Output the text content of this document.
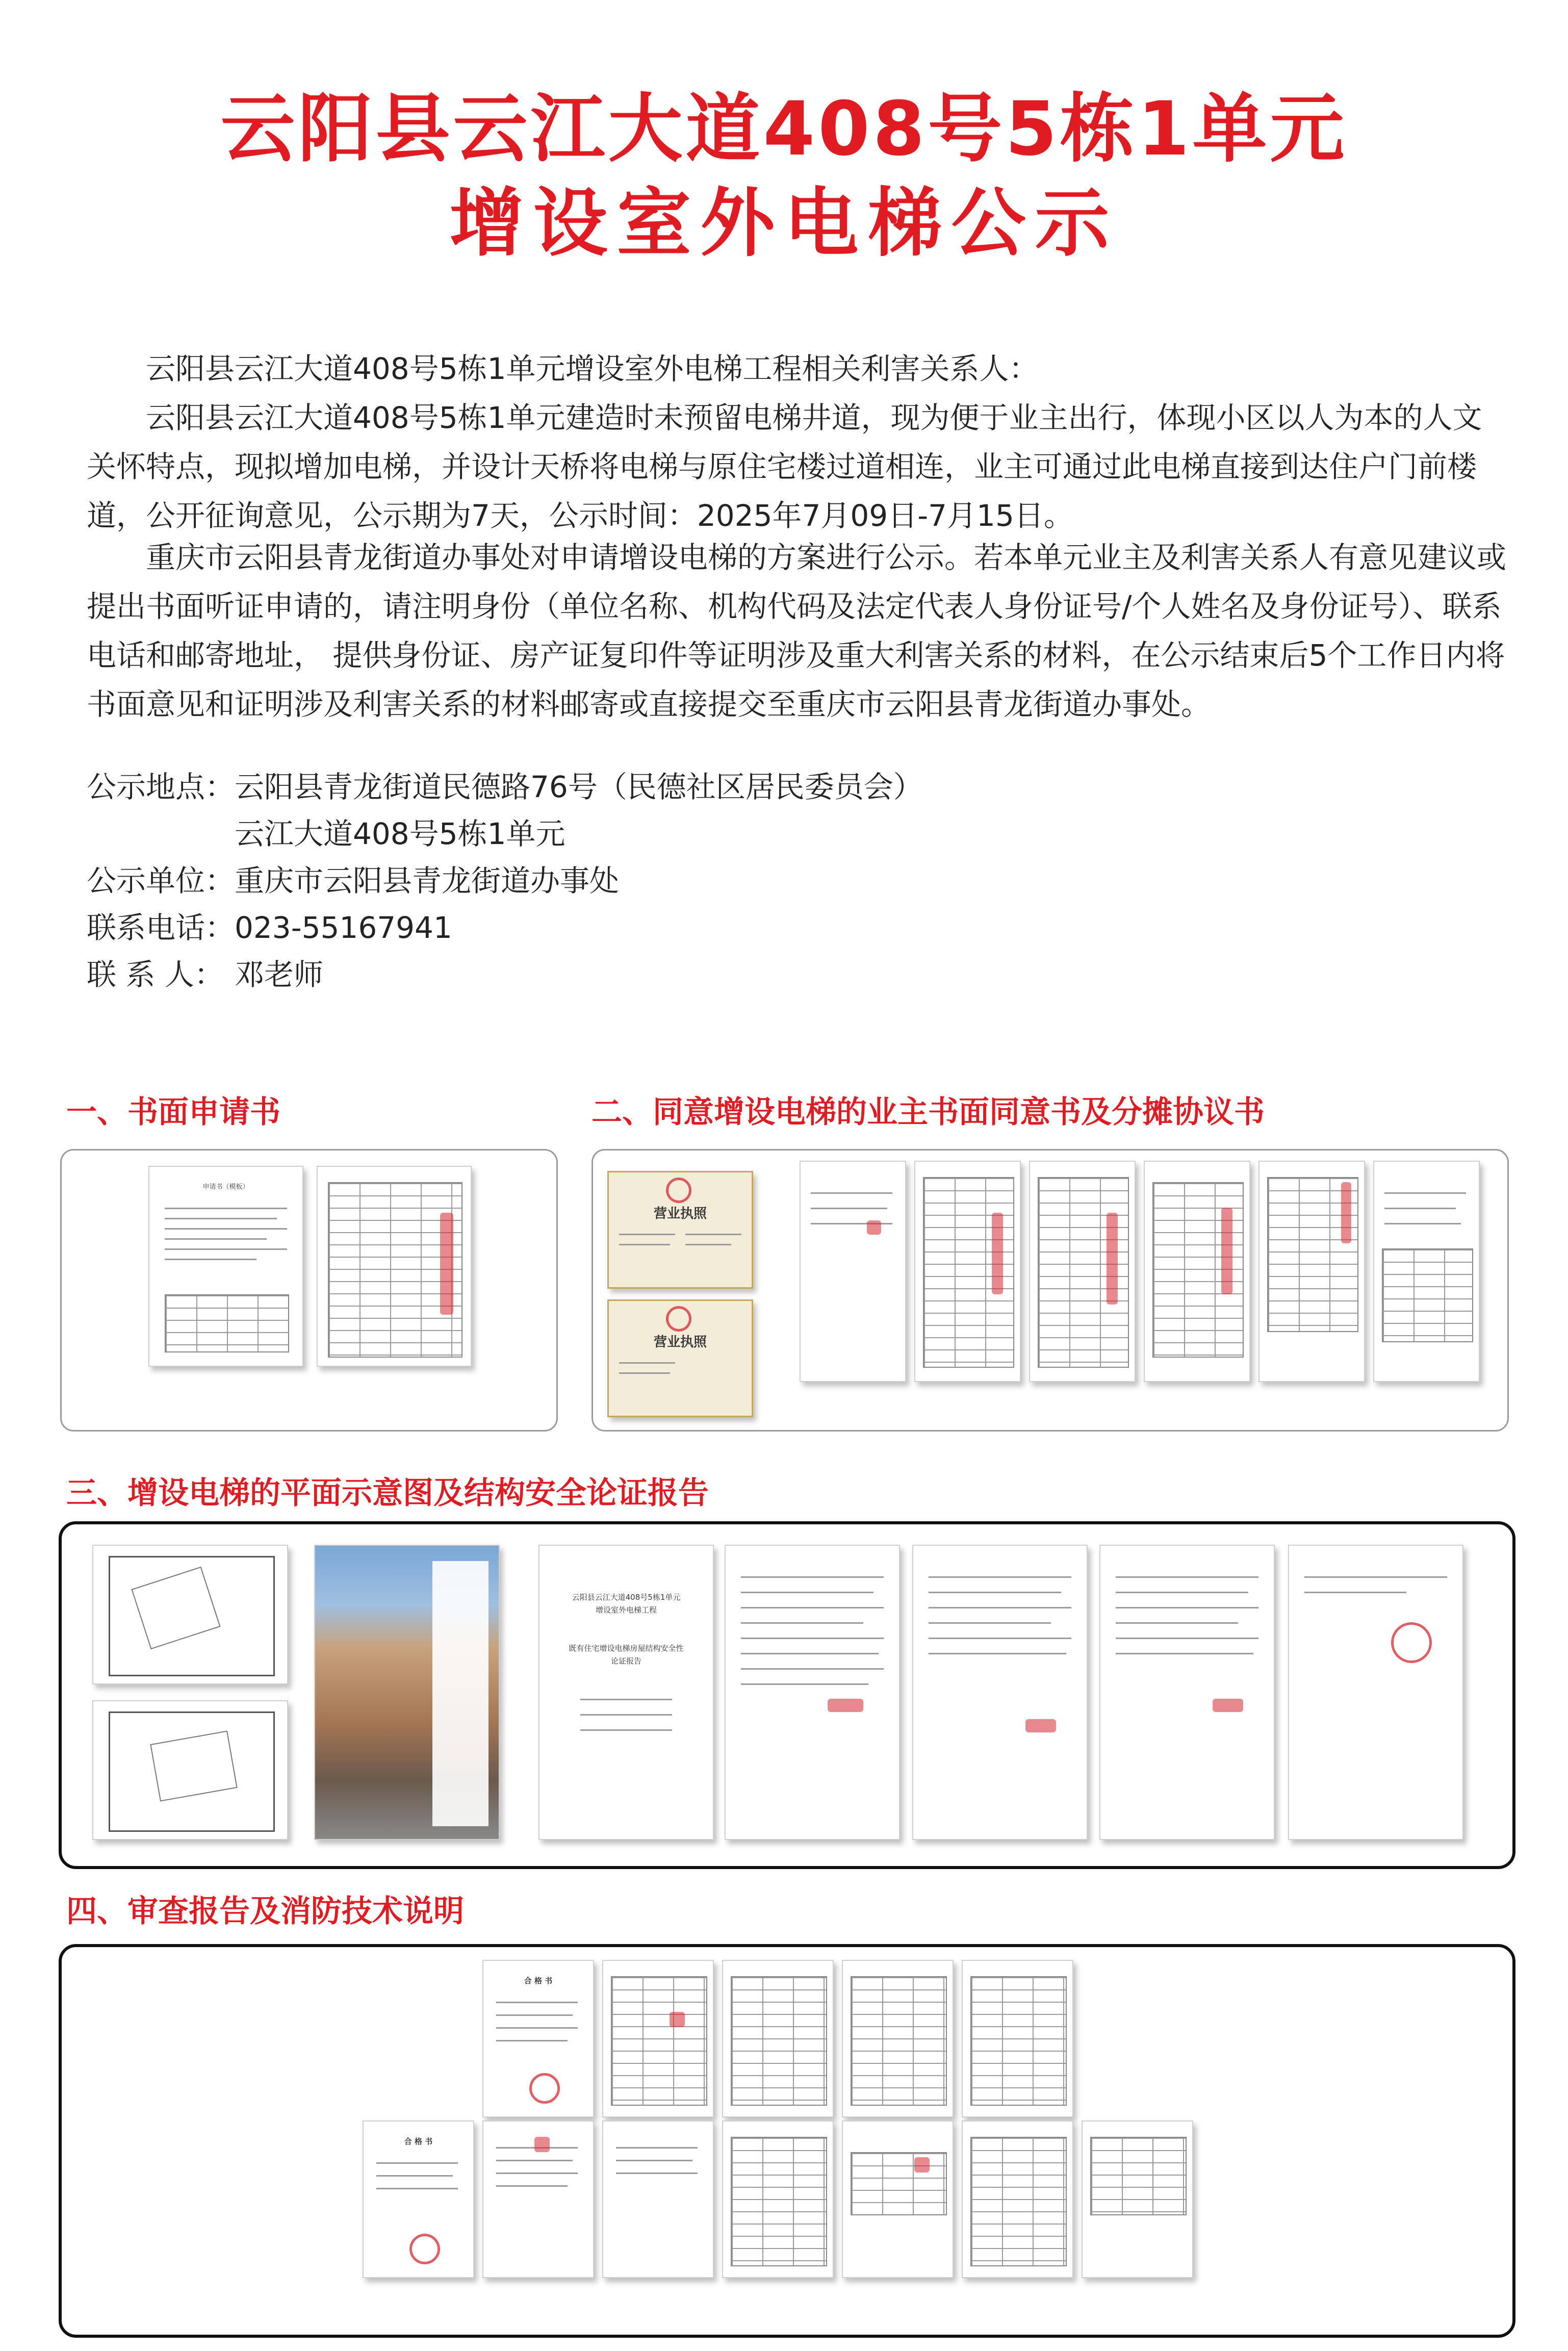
云阳县云江大道408号5栋1单元
增设室外电梯公示

云阳县云江大道408号5栋1单元增设室外电梯工程相关利害关系人：

云阳县云江大道408号5栋1单元建造时未预留电梯井道，现为便于业主出行，体现小区以人为本的人文关怀特点，现拟增加电梯，并设计天桥将电梯与原住宅楼过道相连，业主可通过此电梯直接到达住户门前楼道，公开征询意见，公示期为7天，公示时间：2025年7月09日-7月15日。

重庆市云阳县青龙街道办事处对申请增设电梯的方案进行公示。若本单元业主及利害关系人有意见建议或提出书面听证申请的，请注明身份（单位名称、机构代码及法定代表人身份证号/个人姓名及身份证号）、联系电话和邮寄地址， 提供身份证、房产证复印件等证明涉及重大利害关系的材料，在公示结束后5个工作日内将书面意见和证明涉及利害关系的材料邮寄或直接提交至重庆市云阳县青龙街道办事处。

公示地点：云阳县青龙街道民德路76号（民德社区居民委员会）
云江大道408号5栋1单元
公示单位：重庆市云阳县青龙街道办事处
联系电话：023-55167941
联 系 人： 邓老师
一、书面申请书	二、同意增设电梯的业主书面同意书及分摊协议书
三、增设电梯的平面示意图及结构安全论证报告
四、审查报告及消防技术说明
申请书（模板）
营业执照
营业执照
云阳县云江大道408号5栋1单元
增设室外电梯工程
既有住宅增设电梯房屋结构安全性
论证报告
合 格 书
合 格 书
